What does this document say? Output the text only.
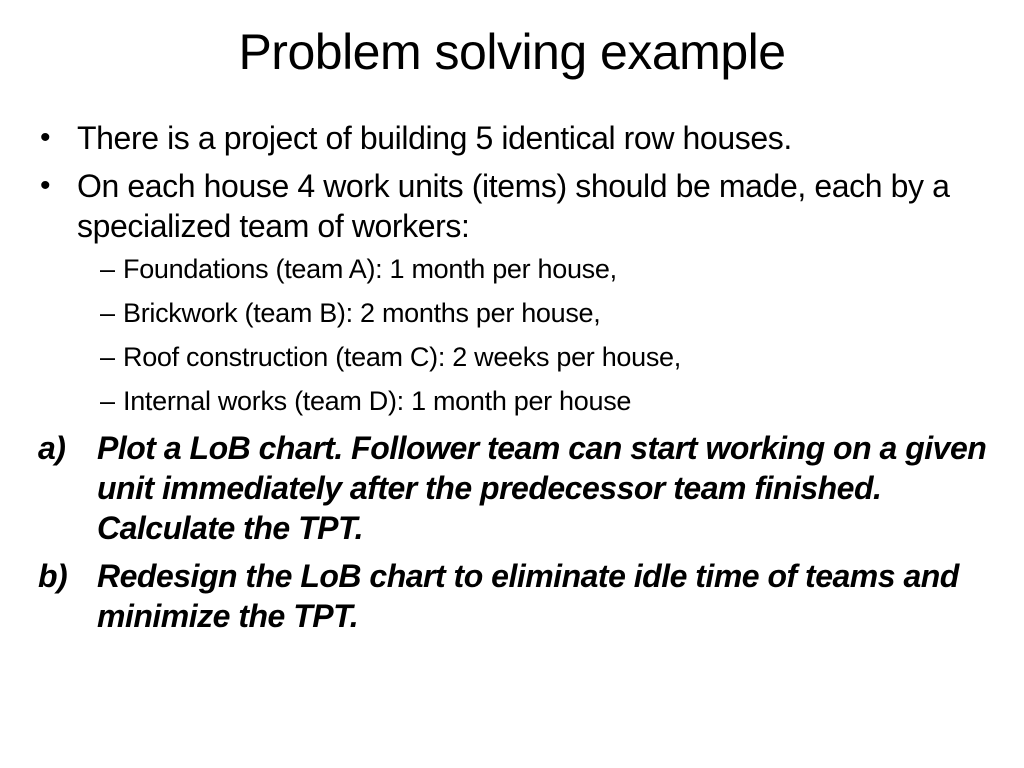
Problem solving example
• There is a project of building 5 identical row houses.
• On each house 4 work units (items) should be made, each by a specialized team of workers:
– Foundations (team A): 1 month per house,
– Brickwork (team B): 2 months per house,
– Roof construction (team C): 2 weeks per house,
– Internal works (team D): 1 month per house
a) Plot a LoB chart. Follower team can start working on a given unit immediately after the predecessor team finished. Calculate the TPT.
b) Redesign the LoB chart to eliminate idle time of teams and minimize the TPT.
